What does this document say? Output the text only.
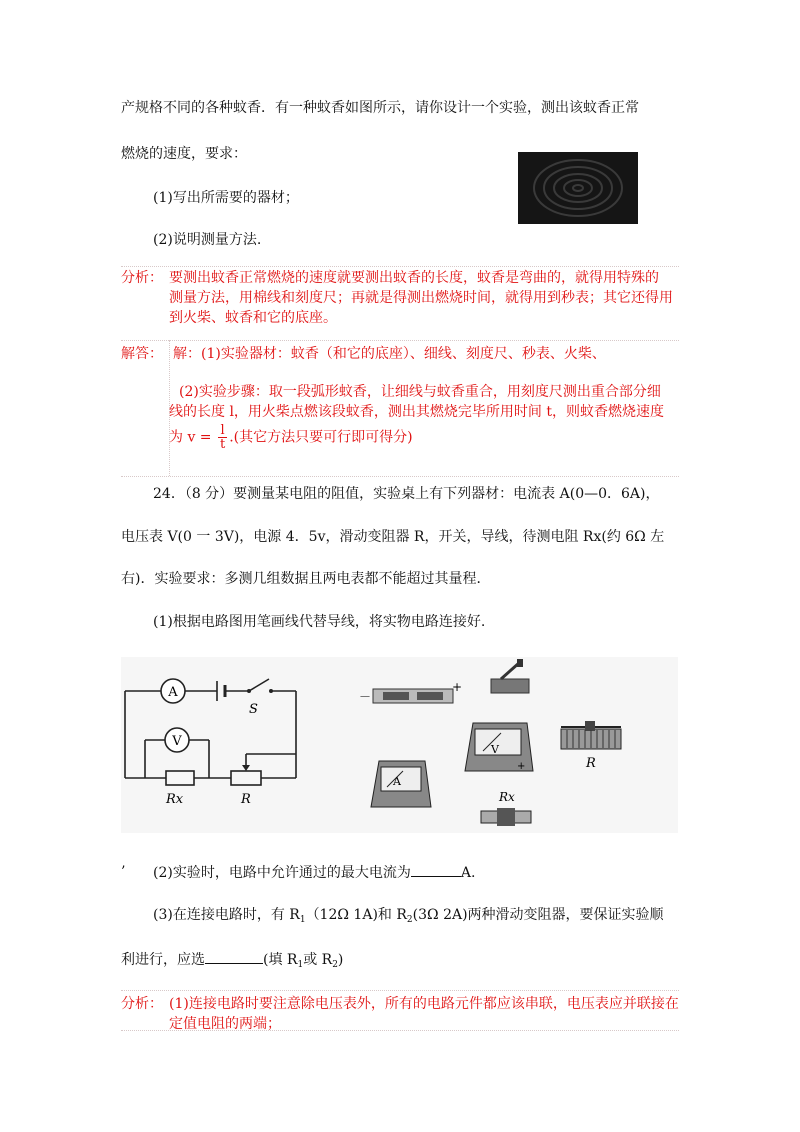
产规格不同的各种蚊香．有一种蚊香如图所示，请你设计一个实验，测出该蚊香正常
燃烧的速度，要求：
(1)写出所需要的器材；
(2)说明测量方法.
分析： 要测出蚊香正常燃烧的速度就要测出蚊香的长度，蚊香是弯曲的，就得用特殊的
测量方法，用棉线和刻度尺；再就是得测出燃烧时间，就得用到秒表；其它还得用
到火柴、蚊香和它的底座。
解答： 解：(1)实验器材：蚊香（和它的底座）、细线、刻度尺、秒表、火柴、
(2)实验步骤：取一段弧形蚊香，让细线与蚊香重合，用刻度尺测出重合部分细
线的长度 l，用火柴点燃该段蚊香，测出其燃烧完毕所用时间 t，则蚊香燃烧速度
为 $v = \frac{l}{t}$ .(其它方法只要可行即可得分)
24．（8 分）要测量某电阻的阻值，实验桌上有下列器材：电流表 A(0—0．6A)，
电压表 V(0 一 3V)，电源 4．5v，滑动变阻器 R，开关，导线，待测电阻 Rx(约 6Ω 左
右)．实验要求：多测几组数据且两电表都不能超过其量程．
(1)根据电路图用笔画线代替导线，将实物电路连接好.
A
V
S
Rx	R
－
+
V
+
A
Rx
R
’ (2)实验时，电路中允许通过的最大电流为	A.
(3)在连接电路时，有 $R_1(12\Omega$ 1A)和 $R_2(3\Omega$ 2A)两种滑动变阻器，要保证实验顺
利进行，应选	(填 $R_1$或 $R_2$)
分析： (1)连接电路时要注意除电压表外，所有的电路元件都应该串联，电压表应并联接在
定值电阻的两端；
